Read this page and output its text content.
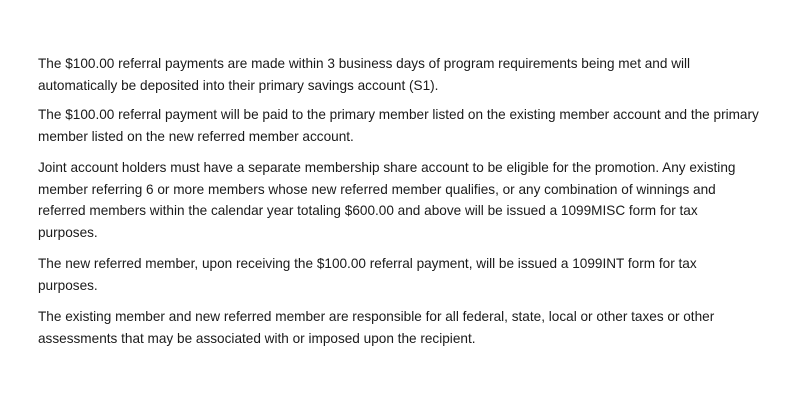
The $100.00 referral payments are made within 3 business days of program requirements being met and will automatically be deposited into their primary savings account (S1).

The $100.00 referral payment will be paid to the primary member listed on the existing member account and the primary member listed on the new referred member account.

Joint account holders must have a separate membership share account to be eligible for the promotion. Any existing member referring 6 or more members whose new referred member qualifies, or any combination of winnings and referred members within the calendar year totaling $600.00 and above will be issued a 1099MISC form for tax purposes.

The new referred member, upon receiving the $100.00 referral payment, will be issued a 1099INT form for tax purposes.

The existing member and new referred member are responsible for all federal, state, local or other taxes or other assessments that may be associated with or imposed upon the recipient.
